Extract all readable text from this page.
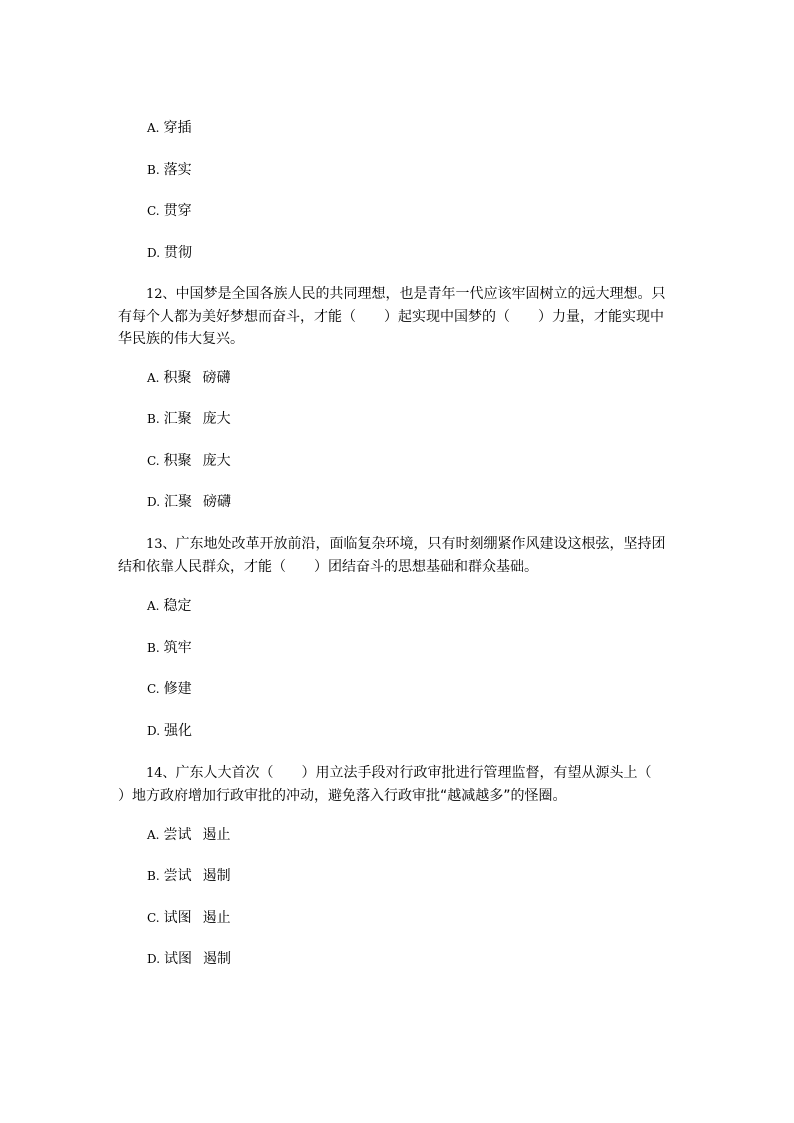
A. 穿插
B. 落实
C. 贯穿
D. 贯彻
12、中国梦是全国各族人民的共同理想，也是青年一代应该牢固树立的远大理想。只
有每个人都为美好梦想而奋斗，才能（　　）起实现中国梦的（　　）力量，才能实现中
华民族的伟大复兴。
A. 积聚 磅礴
B. 汇聚 庞大
C. 积聚 庞大
D. 汇聚 磅礴
13、广东地处改革开放前沿，面临复杂环境，只有时刻绷紧作风建设这根弦，坚持团
结和依靠人民群众，才能（　　）团结奋斗的思想基础和群众基础。
A. 稳定
B. 筑牢
C. 修建
D. 强化
14、广东人大首次（　　）用立法手段对行政审批进行管理监督，有望从源头上（
）地方政府增加行政审批的冲动，避免落入行政审批“越减越多”的怪圈。
A. 尝试 遏止
B. 尝试 遏制
C. 试图 遏止
D. 试图 遏制
